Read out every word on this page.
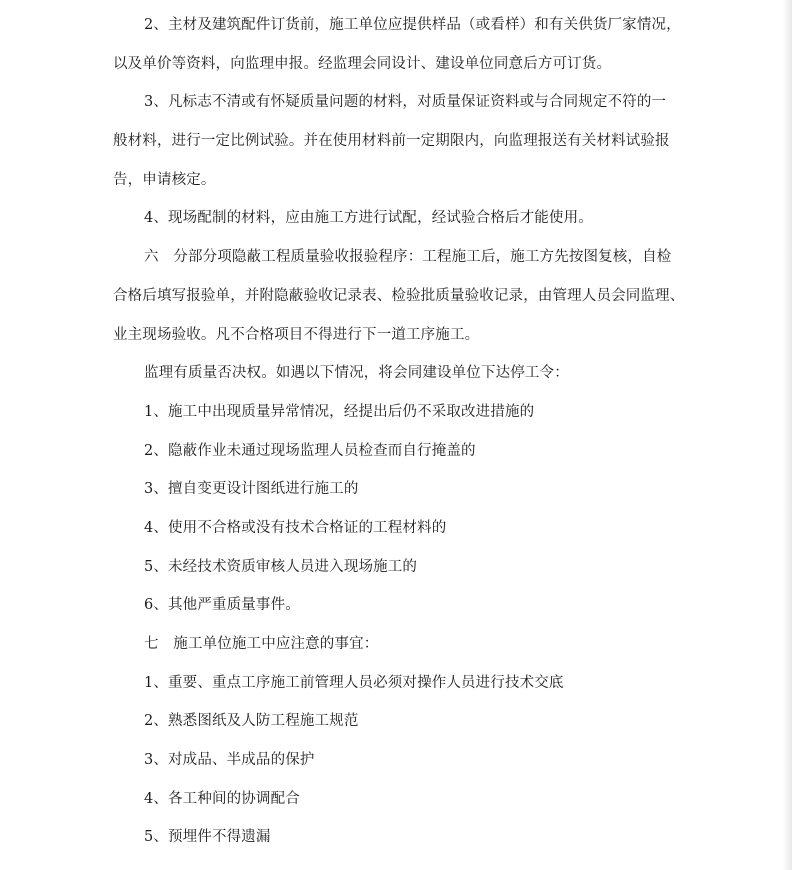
2、主材及建筑配件订货前，施工单位应提供样品（或看样）和有关供货厂家情况，
以及单价等资料，向监理申报。经监理会同设计、建设单位同意后方可订货。
3、凡标志不清或有怀疑质量问题的材料，对质量保证资料或与合同规定不符的一
般材料，进行一定比例试验。并在使用材料前一定期限内，向监理报送有关材料试验报
告，申请核定。
4、现场配制的材料，应由施工方进行试配，经试验合格后才能使用。
六　分部分项隐蔽工程质量验收报验程序：工程施工后，施工方先按图复核，自检
合格后填写报验单，并附隐蔽验收记录表、检验批质量验收记录，由管理人员会同监理、
业主现场验收。凡不合格项目不得进行下一道工序施工。
监理有质量否决权。如遇以下情况，将会同建设单位下达停工令：
1、施工中出现质量异常情况，经提出后仍不采取改进措施的
2、隐蔽作业未通过现场监理人员检查而自行掩盖的
3、擅自变更设计图纸进行施工的
4、使用不合格或没有技术合格证的工程材料的
5、未经技术资质审核人员进入现场施工的
6、其他严重质量事件。
七　施工单位施工中应注意的事宜：
1、重要、重点工序施工前管理人员必须对操作人员进行技术交底
2、熟悉图纸及人防工程施工规范
3、对成品、半成品的保护
4、各工种间的协调配合
5、预埋件不得遗漏
